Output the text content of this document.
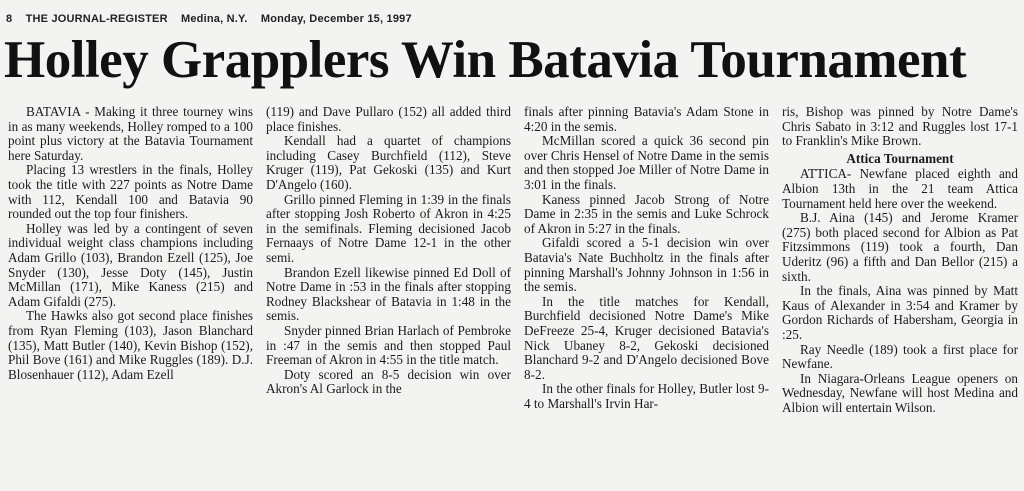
8 THE JOURNAL-REGISTER Medina, N.Y. Monday, December 15, 1997
Holley Grapplers Win Batavia Tournament

BATAVIA - Making it three tourney wins in as many weekends, Holley romped to a 100 point plus victory at the Batavia Tournament here Saturday.

Placing 13 wrestlers in the finals, Holley took the title with 227 points as Notre Dame with 112, Kendall 100 and Batavia 90 rounded out the top four finishers.

Holley was led by a contingent of seven individual weight class champions including Adam Grillo (103), Brandon Ezell (125), Joe Snyder (130), Jesse Doty (145), Justin McMillan (171), Mike Kaness (215) and Adam Gifaldi (275).

The Hawks also got second place finishes from Ryan Fleming (103), Jason Blanchard (135), Matt Butler (140), Kevin Bishop (152), Phil Bove (161) and Mike Ruggles (189). D.J. Blosenhauer (112), Adam Ezell

(119) and Dave Pullaro (152) all added third place finishes.

Kendall had a quartet of champions including Casey Burchfield (112), Steve Kruger (119), Pat Gekoski (135) and Kurt D'Angelo (160).

Grillo pinned Fleming in 1:39 in the finals after stopping Josh Roberto of Akron in 4:25 in the semifinals. Fleming decisioned Jacob Fernaays of Notre Dame 12-1 in the other semi.

Brandon Ezell likewise pinned Ed Doll of Notre Dame in :53 in the finals after stopping Rodney Blackshear of Batavia in 1:48 in the semis.

Snyder pinned Brian Harlach of Pembroke in :47 in the semis and then stopped Paul Freeman of Akron in 4:55 in the title match.

Doty scored an 8-5 decision win over Akron's Al Garlock in the

finals after pinning Batavia's Adam Stone in 4:20 in the semis.

McMillan scored a quick 36 second pin over Chris Hensel of Notre Dame in the semis and then stopped Joe Miller of Notre Dame in 3:01 in the finals.

Kaness pinned Jacob Strong of Notre Dame in 2:35 in the semis and Luke Schrock of Akron in 5:27 in the finals.

Gifaldi scored a 5-1 decision win over Batavia's Nate Buchholtz in the finals after pinning Marshall's Johnny Johnson in 1:56 in the semis.

In the title matches for Kendall, Burchfield decisioned Notre Dame's Mike DeFreeze 25-4, Kruger decisioned Batavia's Nick Ubaney 8-2, Gekoski decisioned Blanchard 9-2 and D'Angelo decisioned Bove 8-2.

In the other finals for Holley, Butler lost 9-4 to Marshall's Irvin Har-

ris, Bishop was pinned by Notre Dame's Chris Sabato in 3:12 and Ruggles lost 17-1 to Franklin's Mike Brown.

Attica Tournament

ATTICA- Newfane placed eighth and Albion 13th in the 21 team Attica Tournament held here over the weekend.

B.J. Aina (145) and Jerome Kramer (275) both placed second for Albion as Pat Fitzsimmons (119) took a fourth, Dan Uderitz (96) a fifth and Dan Bellor (215) a sixth.

In the finals, Aina was pinned by Matt Kaus of Alexander in 3:54 and Kramer by Gordon Richards of Habersham, Georgia in :25.

Ray Needle (189) took a first place for Newfane.

In Niagara-Orleans League openers on Wednesday, Newfane will host Medina and Albion will entertain Wilson.
